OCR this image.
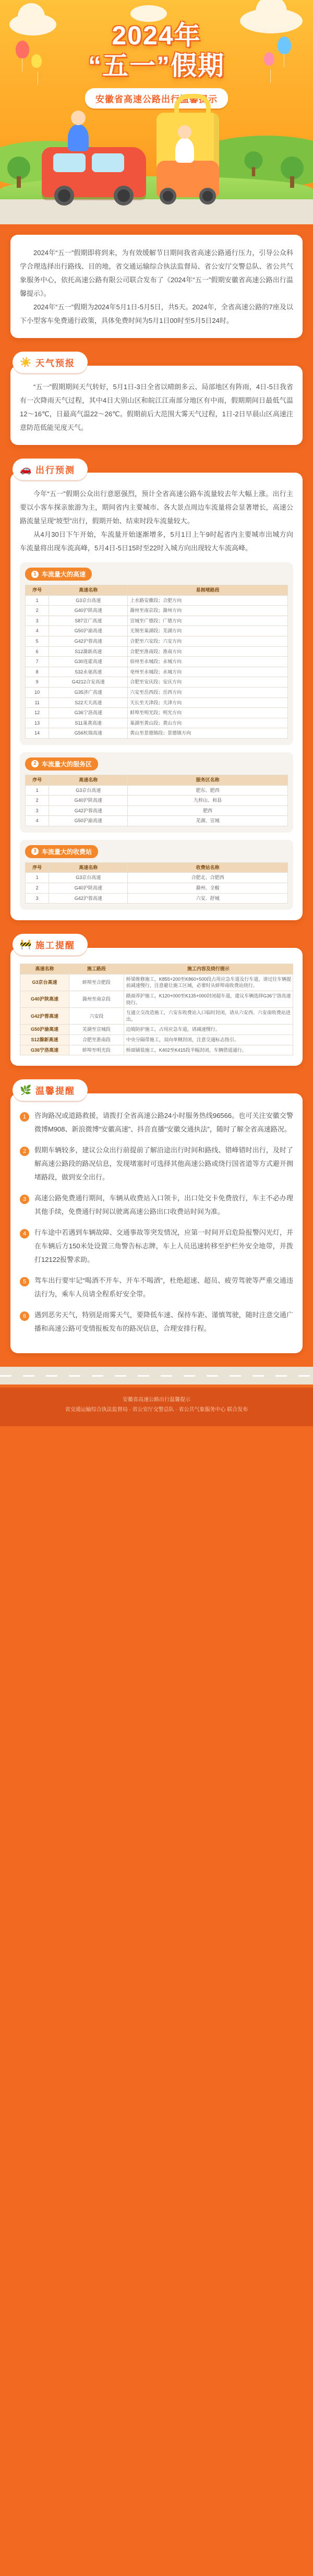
2024年
“五一”假期
安徽省高速公路出行温馨提示

2024年“五一”假期即将到来，为有效缓解节日期间我省高速公路通行压力，引导公众科学合理选择出行路线、目的地，省交通运输综合执法监督局、省公安厅交警总队、省公共气象服务中心，依托高速公路有限公司联合发布了《2024年“五一”假期安徽省高速公路出行温馨提示》。

2024年“五一”假期为2024年5月1日-5月5日，共5天。2024年，全省高速公路的7座及以下小型客车免费通行政策，具体免费时间为5月1日00时至5月5日24时。

☀️ 天气预报

“五一”假期期间天气转好，5月1日-3日全省以晴朗多云、局部地区有阵雨，4日-5日我省有一次降雨天气过程，其中4日大别山区和皖江江南部分地区有中雨，假期期间日最低气温12～16℃，日最高气温22～26℃。假期前后大范围大雾天气过程，1日-2日早晨山区高速注意防范低能见度天气。

🚗 出行预测

今年“五一”假期公众出行意愿强烈，预计全省高速公路车流量较去年大幅上涨。出行主要以小客车探亲旅游为主，期间省内主要城市、各大景点周边车流量将会显著增长，高速公路流量呈现“坡型”出行，假期开始、结束时段车流量较大。

从4月30日下午开始，车流量开始逐渐增多，5月1日上午9时起省内主要城市出城方向车流量将出现车流高峰，5月4日-5日15时至22时入城方向出现较大车流高峰。

1 车流量大的高速
序号	高速名称	易拥堵路段
1	G3京台高速	上水路安徽段；合肥方向
2	G40沪陕高速	滁州至南京段；滁州方向
3	S87宣广高速	宣城至广德段；广德方向
4	G50沪渝高速	无锡至巢湖段；芜湖方向
5	G42沪蓉高速	合肥至六安段；六安方向
6	S12滁新高速	合肥至淮南段；淮南方向
7	G30连霍高速	宿州至永城段；永城方向
8	S32永毫高速	亳州至永城段；永城方向
9	G4212合安高速	合肥至安庆段；安庆方向
10	G35济广高速	六安至岳西段；岳西方向
11	S22天天高速	天长至天津段；天津方向
12	G36宁洛高速	蚌埠至明光段；明光方向
13	S11巢黄高速	巢湖至黄山段；黄山方向
14	G56杭瑞高速	黄山至景德镇段；景德镇方向
2 车流量大的服务区
序号	高速名称	服务区名称
1	G3京台高速	肥东、肥西
2	G40沪陕高速	九梓山、和县
3	G42沪蓉高速	肥西
4	G50沪渝高速	芜湖、宣城
3 车流量大的收费站
序号	高速名称	收费站名称
1	G3京台高速	合肥北、合肥西
2	G40沪陕高速	滁州、全椒
3	G42沪蓉高速	六安、舒城
🚧 施工提醒
高速名称	施工路段	施工内容及绕行提示
G3京台高速	蚌埠至合肥段	桥梁维修施工，K855+200至K860+500段占用应急车道及行车道，请过往车辆提前减速慢行，注意避让施工区域，必要时从蚌埠南收费站绕行。
G40沪陕高速	滁州至南京段	路面养护施工，K120+000至K135+000封闭超车道，建议车辆选择G36宁洛高速绕行。
G42沪蓉高速	六安段	互通立交改造施工，六安东收费站入口临时封闭，请从六安西、六安南收费站进出。
G50沪渝高速	芜湖至宣城段	边坡防护施工，占用应急车道，请减速慢行。
S12滁新高速	合肥至淮南段	中央分隔带施工，双向单侧封闭，注意交通标志指引。
G36宁洛高速	蚌埠至明光段	桥面铺装施工，K402至K415段半幅封闭，车辆借道通行。
🌿 温馨提醒
1	咨询路况或道路救援，请拨打全省高速公路24小时服务热线96566。也可关注安徽交警微博M908、新浪微博“安徽高速”、抖音直播“安徽交通执法”，随时了解全省高速路况。
2	假期车辆较多，建议公众出行前提前了解沿途出行时间和路线、错峰错时出行，及时了解高速公路段的路况信息，发现堵塞时可选择其他高速公路或绕行国省道等方式避开拥堵路段，做到安全出行。
3	高速公路免费通行期间，车辆从收费站入口领卡，出口处交卡免费放行，车主不必办理其他手续，免费通行时间以驶离高速公路出口收费站时间为准。
4	行车途中若遇到车辆故障、交通事故等突发情况，应第一时间开启危险报警闪光灯，并在车辆后方150米处设置三角警告标志牌，车上人员迅速转移至护栏外安全地带，并拨打12122报警求助。
5	驾车出行要牢记“喝酒不开车、开车不喝酒”，杜绝超速、超员、疲劳驾驶等严重交通违法行为，乘车人员请全程系好安全带。
6	遇到恶劣天气，特别是雨雾天气，要降低车速、保持车距、谨慎驾驶，随时注意交通广播和高速公路可变情报板发布的路况信息，合理安排行程。
安徽省高速公路出行温馨提示
省交通运输综合执法监督局 · 省公安厅交警总队 · 省公共气象服务中心 联合发布
